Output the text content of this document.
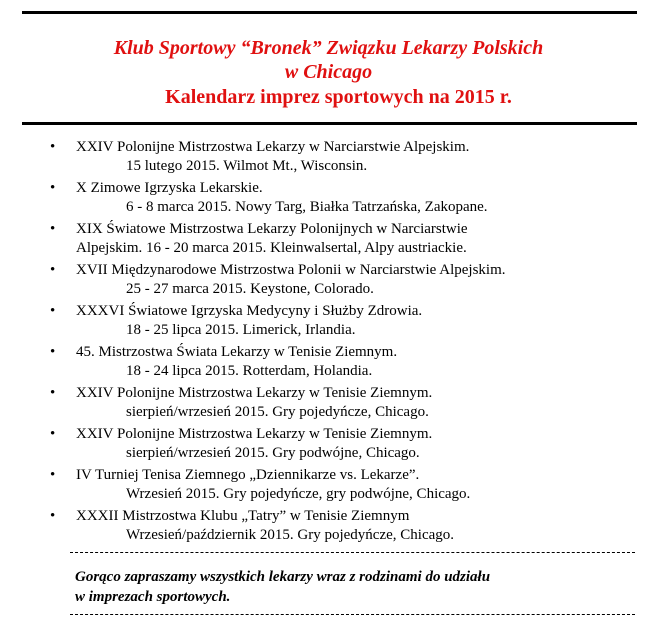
Klub Sportowy “Bronek” Związku Lekarzy Polskich
w Chicago
Kalendarz imprez sportowych na 2015 r.
• XXIV Polonijne Mistrzostwa Lekarzy w Narciarstwie Alpejskim.
15 lutego 2015. Wilmot Mt., Wisconsin.
• X Zimowe Igrzyska Lekarskie.
6 - 8 marca 2015. Nowy Targ, Białka Tatrzańska, Zakopane.
• XIX Światowe Mistrzostwa Lekarzy Polonijnych w Narciarstwie
Alpejskim. 16 - 20 marca 2015. Kleinwalsertal, Alpy austriackie.
• XVII Międzynarodowe Mistrzostwa Polonii w Narciarstwie Alpejskim.
25 - 27 marca 2015. Keystone, Colorado.
• XXXVI Światowe Igrzyska Medycyny i Służby Zdrowia.
18 - 25 lipca 2015. Limerick, Irlandia.
• 45. Mistrzostwa Świata Lekarzy w Tenisie Ziemnym.
18 - 24 lipca 2015. Rotterdam, Holandia.
• XXIV Polonijne Mistrzostwa Lekarzy w Tenisie Ziemnym.
sierpień/wrzesień 2015. Gry pojedyńcze, Chicago.
• XXIV Polonijne Mistrzostwa Lekarzy w Tenisie Ziemnym.
sierpień/wrzesień 2015. Gry podwójne, Chicago.
• IV Turniej Tenisa Ziemnego „Dziennikarze vs. Lekarze”.
Wrzesień 2015. Gry pojedyńcze, gry podwójne, Chicago.
• XXXII Mistrzostwa Klubu „Tatry” w Tenisie Ziemnym
Wrzesień/październik 2015. Gry pojedyńcze, Chicago.
Gorąco zapraszamy wszystkich lekarzy wraz z rodzinami do udziału
w imprezach sportowych.
